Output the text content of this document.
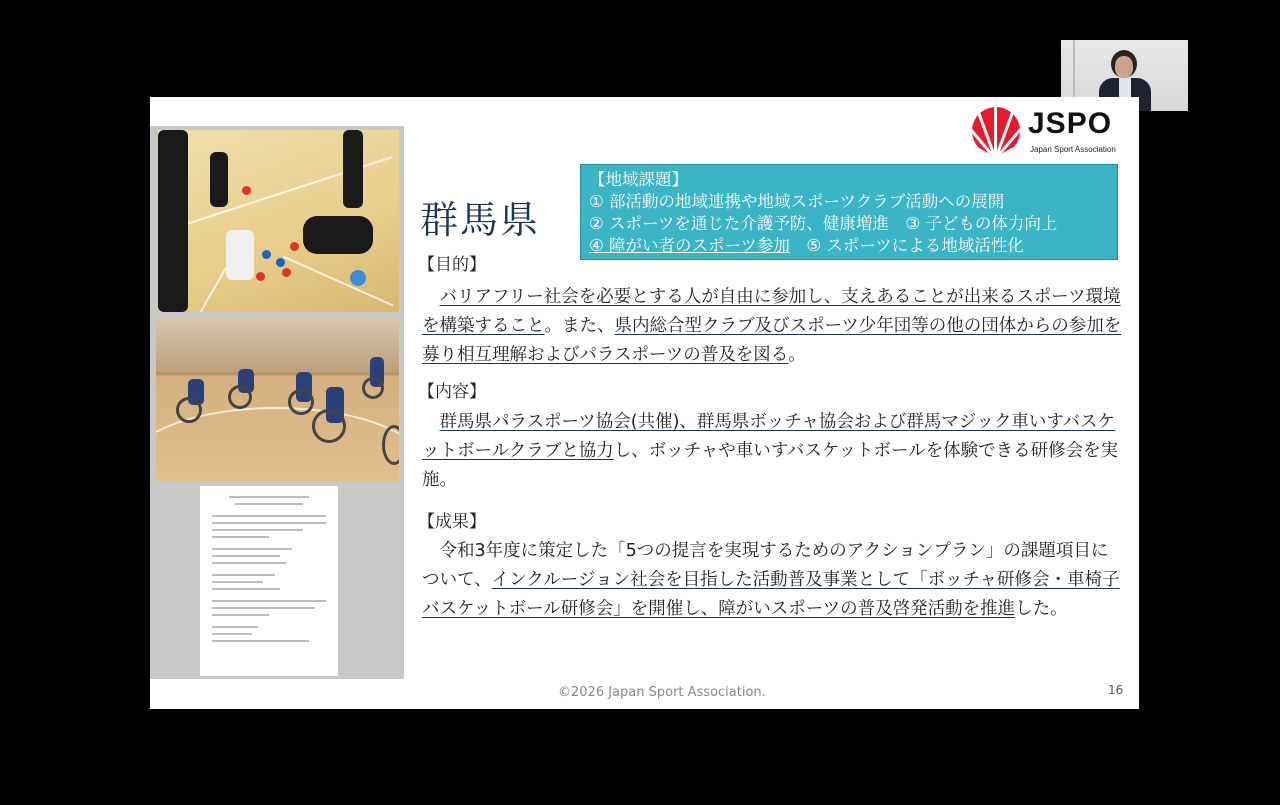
JSPO
Japan Sport Association
群馬県
【地域課題】
① 部活動の地域連携や地域スポーツクラブ活動への展開
② スポーツを通じた介護予防、健康増進　③ 子どもの体力向上
④ 障がい者のスポーツ参加　⑤ スポーツによる地域活性化
【目的】
　バリアフリー社会を必要とする人が自由に参加し、支えあることが出来るスポーツ環境を構築すること。また、県内総合型クラブ及びスポーツ少年団等の他の団体からの参加を募り相互理解およびパラスポーツの普及を図る。
【内容】
　群馬県パラスポーツ協会(共催)、群馬県ボッチャ協会および群馬マジック車いすバスケットボールクラブと協力し、ボッチャや車いすバスケットボールを体験できる研修会を実施。
【成果】
　令和3年度に策定した「5つの提言を実現するためのアクションプラン」の課題項目について、インクルージョン社会を目指した活動普及事業として「ボッチャ研修会・車椅子バスケットボール研修会」を開催し、障がいスポーツの普及啓発活動を推進した。
©2026 Japan Sport Association.	16
